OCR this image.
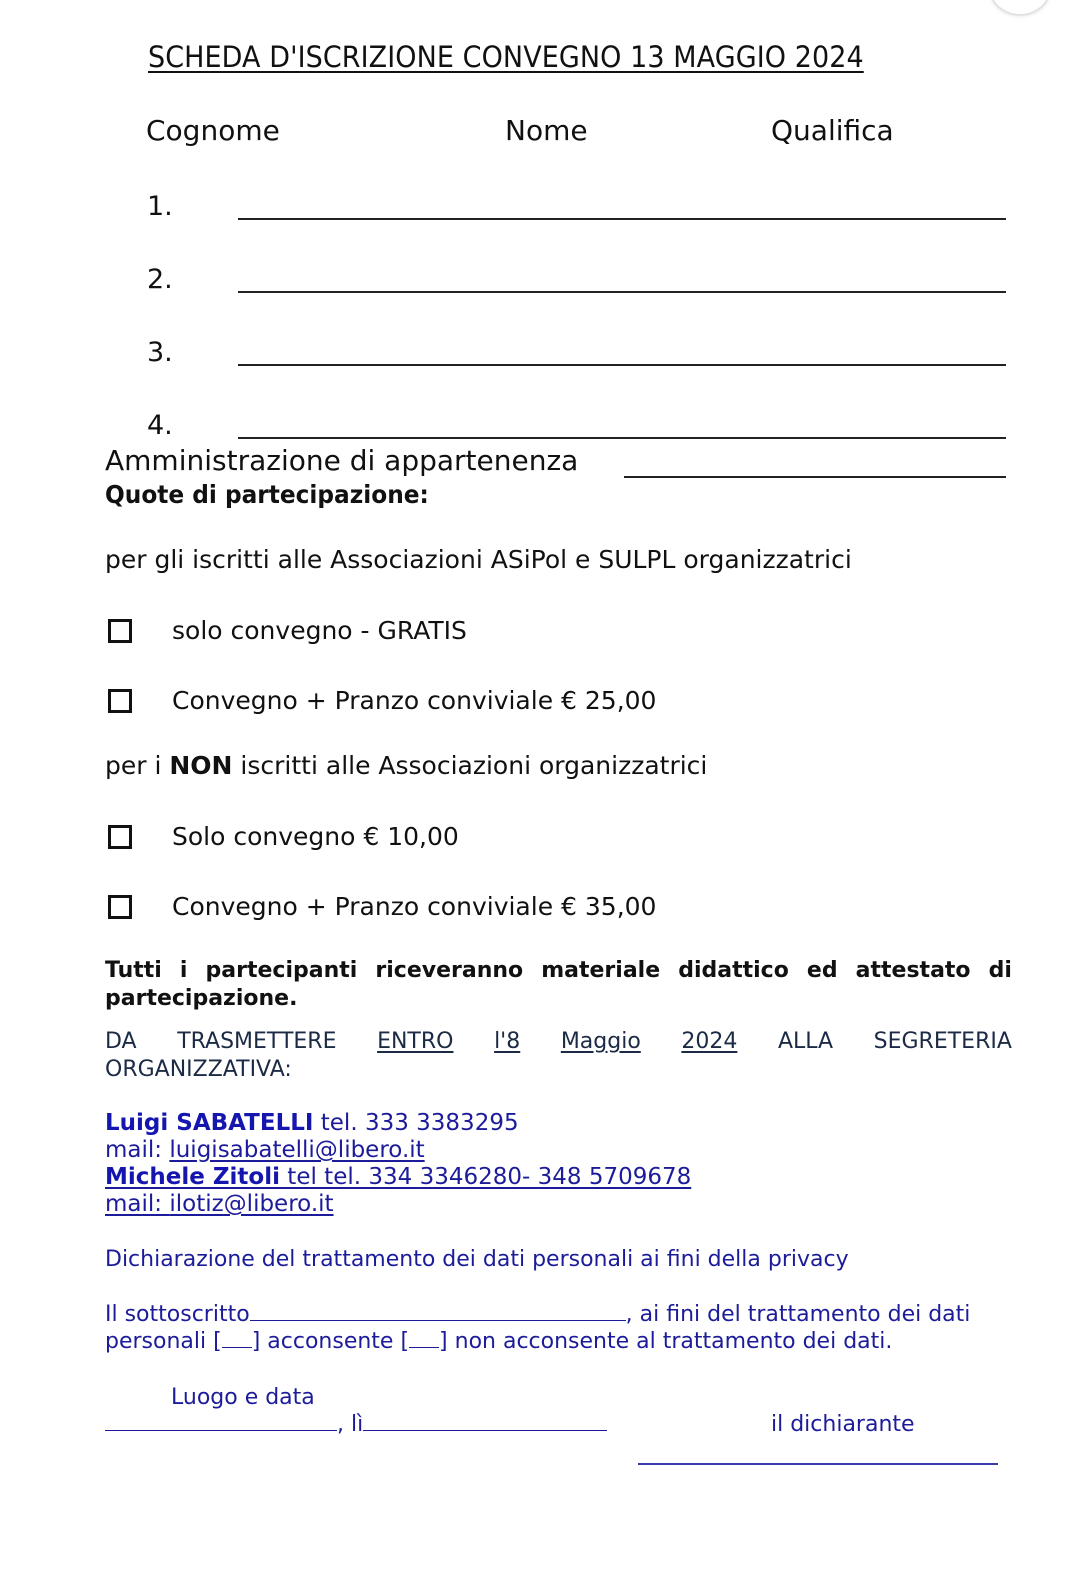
SCHEDA D'ISCRIZIONE CONVEGNO 13 MAGGIO 2024
Cognome	Nome	Qualifica
1.
2.
3.
4.
Amministrazione di appartenenza
Quote di partecipazione:
per gli iscritti alle Associazioni ASiPol e SULPL organizzatrici
solo convegno - GRATIS
Convegno + Pranzo conviviale € 25,00
per i NON iscritti alle Associazioni organizzatrici
Solo convegno € 10,00
Convegno + Pranzo conviviale € 35,00
Tutti i partecipanti riceveranno materiale didattico ed attestato di
partecipazione.
DA TRASMETTERE ENTRO l'8 Maggio 2024 ALLA SEGRETERIA
ORGANIZZATIVA:
Luigi SABATELLI tel. 333 3383295
mail: luigisabatelli@libero.it
Michele Zitoli tel tel. 334 3346280- 348 5709678
mail: ilotiz@libero.it
Dichiarazione del trattamento dei dati personali ai fini della privacy
Il sottoscritto	, ai fini del trattamento dei dati
personali [ ] acconsente [ ] non acconsente al trattamento dei dati.
Luogo e data
, lì	il dichiarante
